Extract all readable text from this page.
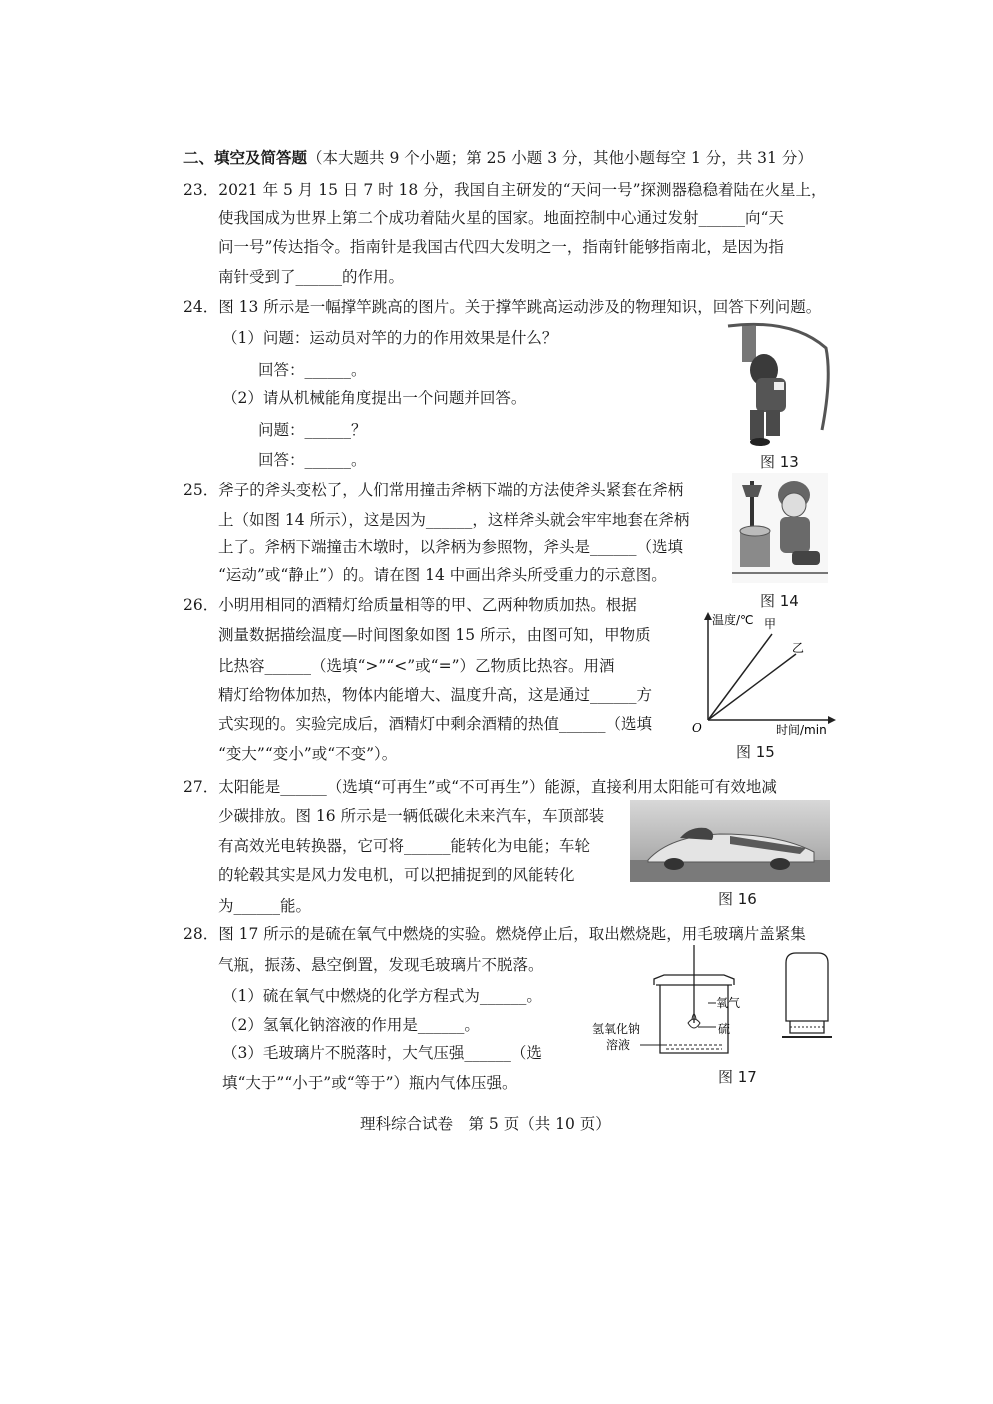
二、填空及简答题（本大题共 9 个小题；第 25 小题 3 分，其他小题每空 1 分，共 31 分）
23．2021 年 5 月 15 日 7 时 18 分，我国自主研发的“天问一号”探测器稳稳着陆在火星上，
使我国成为世界上第二个成功着陆火星的国家。地面控制中心通过发射______向“天
问一号”传达指令。指南针是我国古代四大发明之一，指南针能够指南北，是因为指
南针受到了______的作用。
24．图 13 所示是一幅撑竿跳高的图片。关于撑竿跳高运动涉及的物理知识，回答下列问题。
（1）问题：运动员对竿的力的作用效果是什么？
回答：______。
（2）请从机械能角度提出一个问题并回答。
问题：______？
回答：______。	图 13
25．斧子的斧头变松了，人们常用撞击斧柄下端的方法使斧头紧套在斧柄
上（如图 14 所示），这是因为______，这样斧头就会牢牢地套在斧柄
上了。斧柄下端撞击木墩时，以斧柄为参照物，斧头是______（选填
“运动”或“静止”）的。请在图 14 中画出斧头所受重力的示意图。
图 14
26．小明用相同的酒精灯给质量相等的甲、乙两种物质加热。根据
测量数据描绘温度—时间图象如图 15 所示，由图可知，甲物质
比热容______（选填“>”“<”或“=”）乙物质比热容。用酒
精灯给物体加热，物体内能增大、温度升高，这是通过______方
式实现的。实验完成后，酒精灯中剩余酒精的热值______（选填
“变大”“变小”或“不变”）。
温度/℃ 甲
乙
O	时间/min
图 15
27．太阳能是______（选填“可再生”或“不可再生”）能源，直接利用太阳能可有效地减
少碳排放。图 16 所示是一辆低碳化未来汽车，车顶部装
有高效光电转换器，它可将______能转化为电能；车轮
的轮毂其实是风力发电机，可以把捕捉到的风能转化
为______能。	图 16
28．图 17 所示的是硫在氧气中燃烧的实验。燃烧停止后，取出燃烧匙，用毛玻璃片盖紧集
气瓶，振荡、悬空倒置，发现毛玻璃片不脱落。
（1）硫在氧气中燃烧的化学方程式为______。
（2）氢氧化钠溶液的作用是______。
（3）毛玻璃片不脱落时，大气压强______（选
填“大于”“小于”或“等于”）瓶内气体压强。
氧气
硫
氢氧化钠
溶液
图 17
理科综合试卷　第 5 页（共 10 页）
